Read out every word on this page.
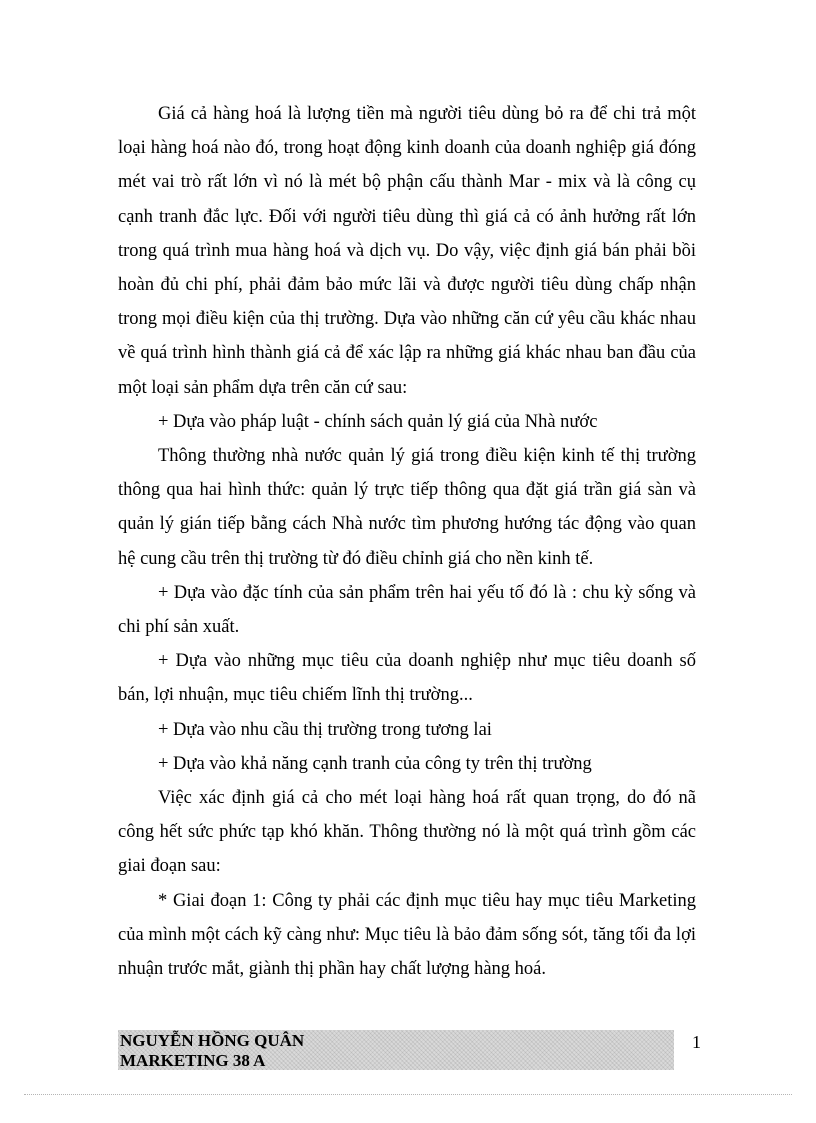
Giá cả hàng hoá là lượng tiền mà người tiêu dùng bỏ ra để chi trả một loại hàng hoá nào đó, trong hoạt động kinh doanh của doanh nghiệp giá đóng mét vai trò rất lớn vì nó là mét bộ phận cấu thành Mar - mix và là công cụ cạnh tranh đắc lực. Đối với người tiêu dùng thì giá cả có ảnh hưởng rất lớn trong quá trình mua hàng hoá và dịch vụ. Do vậy, việc định giá bán phải bồi hoàn đủ chi phí, phải đảm bảo mức lãi và được người tiêu dùng chấp nhận trong mọi điều kiện của thị trường. Dựa vào những căn cứ yêu cầu khác nhau về quá trình hình thành giá cả để xác lập ra những giá khác nhau ban đầu của một loại sản phẩm dựa trên căn cứ sau:

+ Dựa vào pháp luật - chính sách quản lý giá của Nhà nước

Thông thường nhà nước quản lý giá trong điều kiện kinh tế thị trường thông qua hai hình thức: quản lý trực tiếp thông qua đặt giá trần giá sàn và quản lý gián tiếp bằng cách Nhà nước tìm phương hướng tác động vào quan hệ cung cầu trên thị trường từ đó điều chỉnh giá cho nền kinh tế.

+ Dựa vào đặc tính của sản phẩm trên hai yếu tố đó là : chu kỳ sống và chi phí sản xuất.

+ Dựa vào những mục tiêu của doanh nghiệp như mục tiêu doanh số bán, lợi nhuận, mục tiêu chiếm lĩnh thị trường...

+ Dựa vào nhu cầu thị trường trong tương lai

+ Dựa vào khả năng cạnh tranh của công ty trên thị trường

Việc xác định giá cả cho mét loại hàng hoá rất quan trọng, do đó nã công hết sức phức tạp khó khăn. Thông thường nó là một quá trình gồm các giai đoạn sau:

* Giai đoạn 1: Công ty phải các định mục tiêu hay mục tiêu Marketing của mình một cách kỹ càng như: Mục tiêu là bảo đảm sống sót, tăng tối đa lợi nhuận trước mắt, giành thị phần hay chất lượng hàng hoá.

NGUYỄN HỒNG QUÂN
MARKETING 38 A
1
